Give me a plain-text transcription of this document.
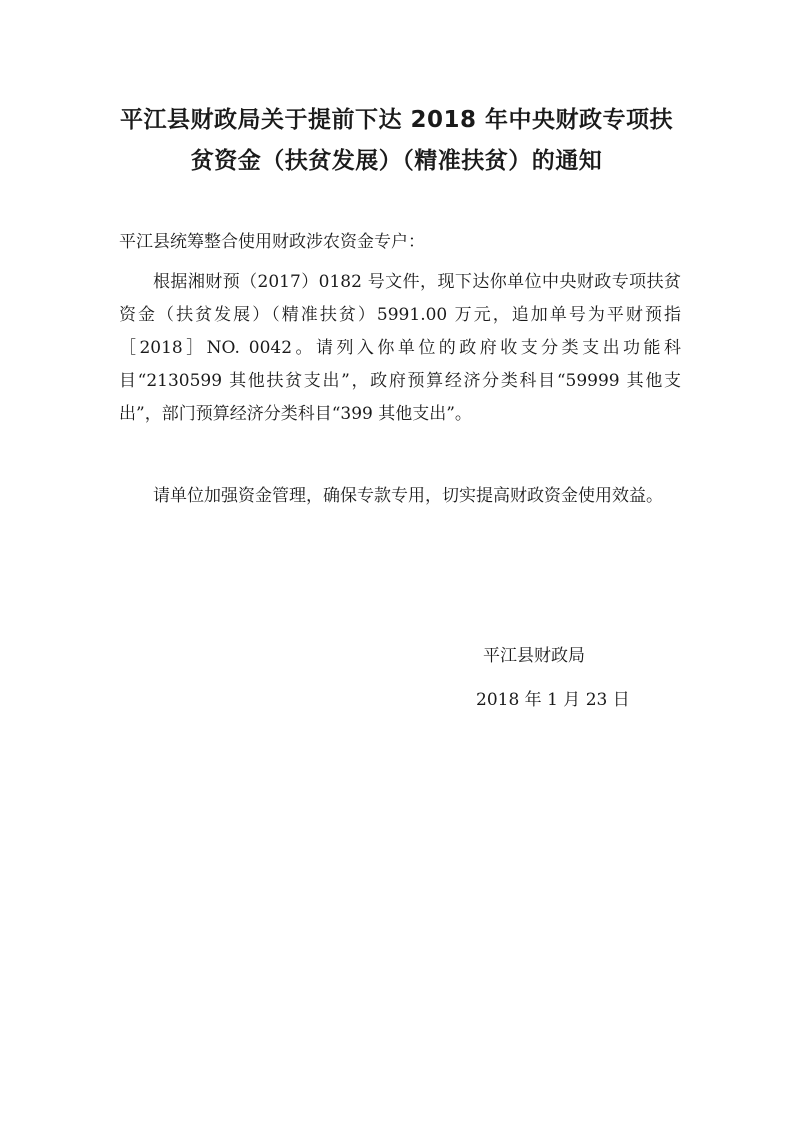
平江县财政局关于提前下达 2018 年中央财政专项扶
贫资金（扶贫发展）（精准扶贫）的通知
平江县统筹整合使用财政涉农资金专户：
根据湘财预（2017）0182 号文件，现下达你单位中央财政专项扶贫资金（扶贫发展）（精准扶贫）5991.00 万元，追加单号为平财预指［2018］NO. 0042。请列入你单位的政府收支分类支出功能科目“2130599 其他扶贫支出”，政府预算经济分类科目“59999 其他支出”，部门预算经济分类科目“399 其他支出”。
请单位加强资金管理，确保专款专用，切实提高财政资金使用效益。
平江县财政局
2018 年 1 月 23 日
